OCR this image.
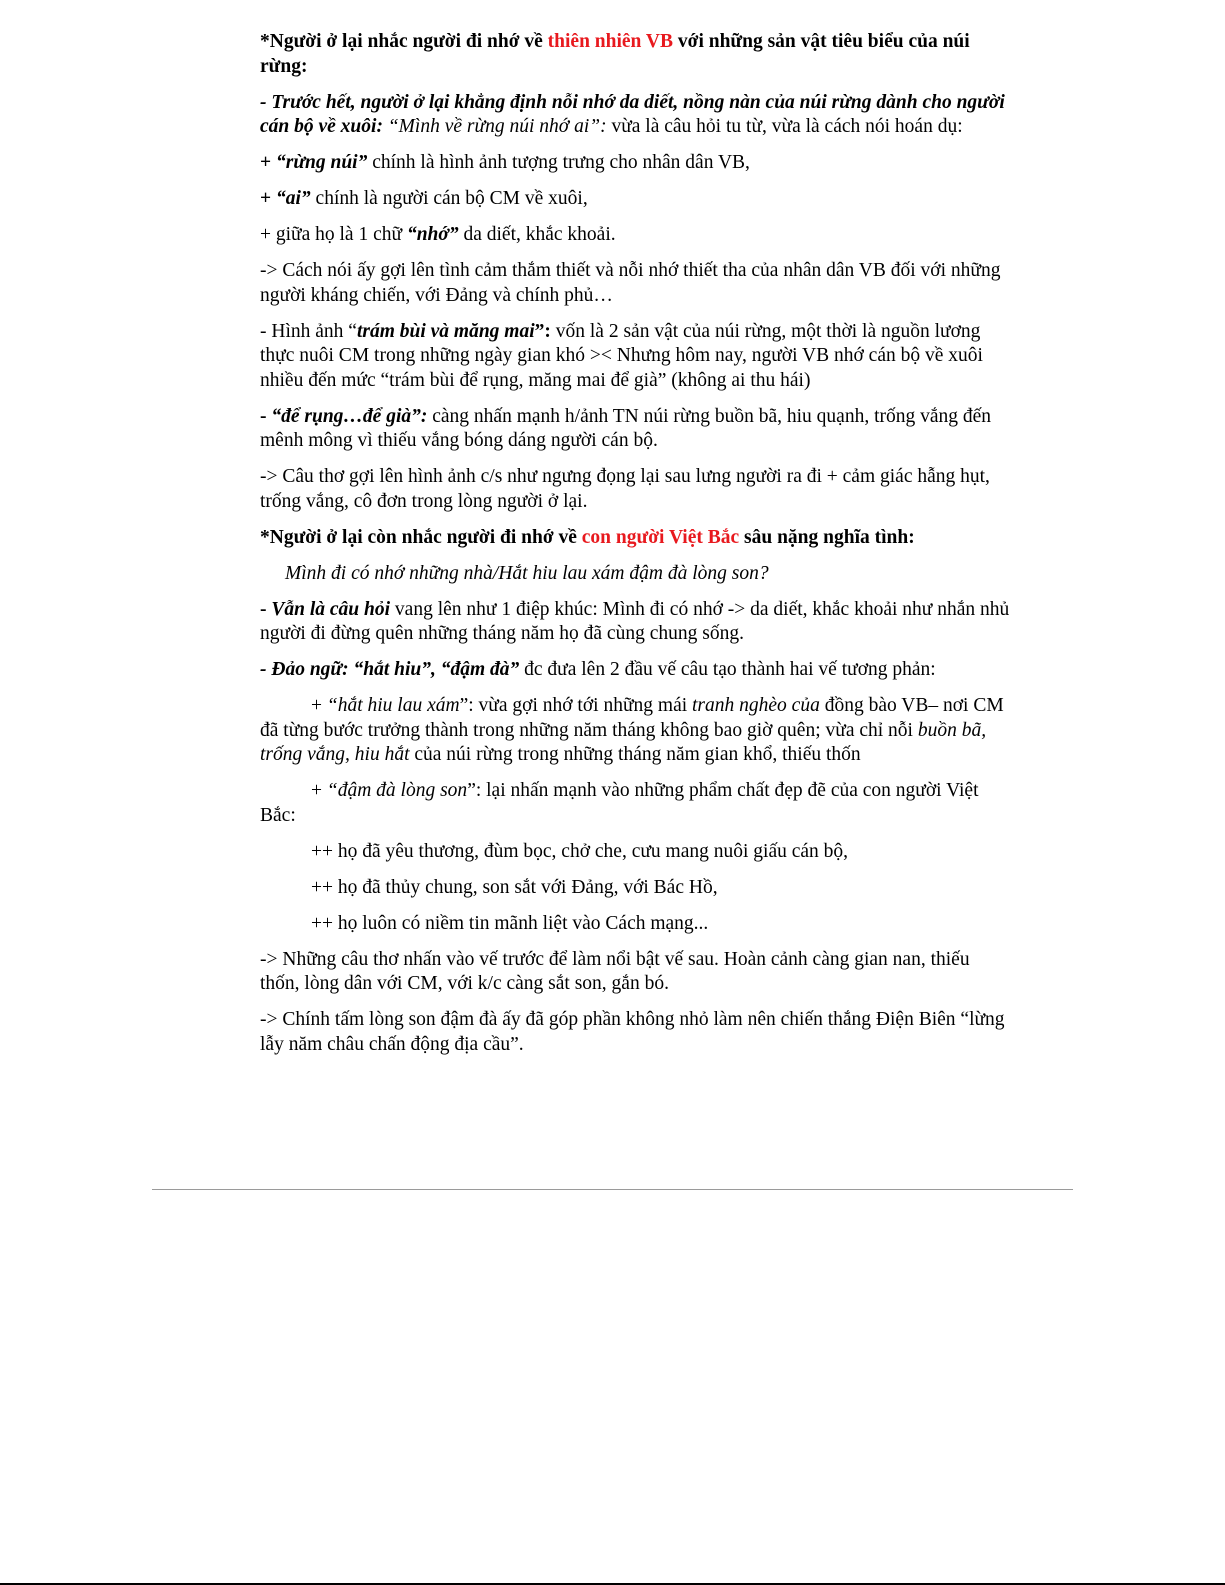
*Người ở lại nhắc người đi nhớ về thiên nhiên VB với những sản vật tiêu biểu của núi rừng:

- Trước hết, người ở lại khẳng định nỗi nhớ da diết, nồng nàn của núi rừng dành cho người cán bộ về xuôi: “Mình về rừng núi nhớ ai”: vừa là câu hỏi tu từ, vừa là cách nói hoán dụ:

+ “rừng núi” chính là hình ảnh tượng trưng cho nhân dân VB,

+ “ai” chính là người cán bộ CM về xuôi,

+ giữa họ là 1 chữ “nhớ” da diết, khắc khoải.

-> Cách nói ấy gợi lên tình cảm thắm thiết và nỗi nhớ thiết tha của nhân dân VB đối với những người kháng chiến, với Đảng và chính phủ…

- Hình ảnh “trám bùi và măng mai”: vốn là 2 sản vật của núi rừng, một thời là nguồn lương thực nuôi CM trong những ngày gian khó >< Nhưng hôm nay, người VB nhớ cán bộ về xuôi nhiều đến mức “trám bùi để rụng, măng mai để già” (không ai thu hái)

- “để rụng…để già”: càng nhấn mạnh h/ảnh TN núi rừng buồn bã, hiu quạnh, trống vắng đến mênh mông vì thiếu vắng bóng dáng người cán bộ.

-> Câu thơ gợi lên hình ảnh c/s như ngưng đọng lại sau lưng người ra đi + cảm giác hẫng hụt, trống vắng, cô đơn trong lòng người ở lại.

*Người ở lại còn nhắc người đi nhớ về con người Việt Bắc sâu nặng nghĩa tình:

Mình đi có nhớ những nhà/Hắt hiu lau xám đậm đà lòng son?

- Vẫn là câu hỏi vang lên như 1 điệp khúc: Mình đi có nhớ -> da diết, khắc khoải như nhắn nhủ người đi đừng quên những tháng năm họ đã cùng chung sống.

- Đảo ngữ: “hắt hiu”, “đậm đà” đc đưa lên 2 đầu vế câu tạo thành hai vế tương phản:

+ “hắt hiu lau xám”: vừa gợi nhớ tới những mái tranh nghèo của đồng bào VB– nơi CM đã từng bước trưởng thành trong những năm tháng không bao giờ quên; vừa chỉ nỗi buồn bã, trống vắng, hiu hắt của núi rừng trong những tháng năm gian khổ, thiếu thốn

+ “đậm đà lòng son”: lại nhấn mạnh vào những phẩm chất đẹp đẽ của con người Việt Bắc:

++ họ đã yêu thương, đùm bọc, chở che, cưu mang nuôi giấu cán bộ,

++ họ đã thủy chung, son sắt với Đảng, với Bác Hồ,

++ họ luôn có niềm tin mãnh liệt vào Cách mạng...

-> Những câu thơ nhấn vào vế trước để làm nổi bật vế sau. Hoàn cảnh càng gian nan, thiếu thốn, lòng dân với CM, với k/c càng sắt son, gắn bó.

-> Chính tấm lòng son đậm đà ấy đã góp phần không nhỏ làm nên chiến thắng Điện Biên “lừng lẫy năm châu chấn động địa cầu”.
